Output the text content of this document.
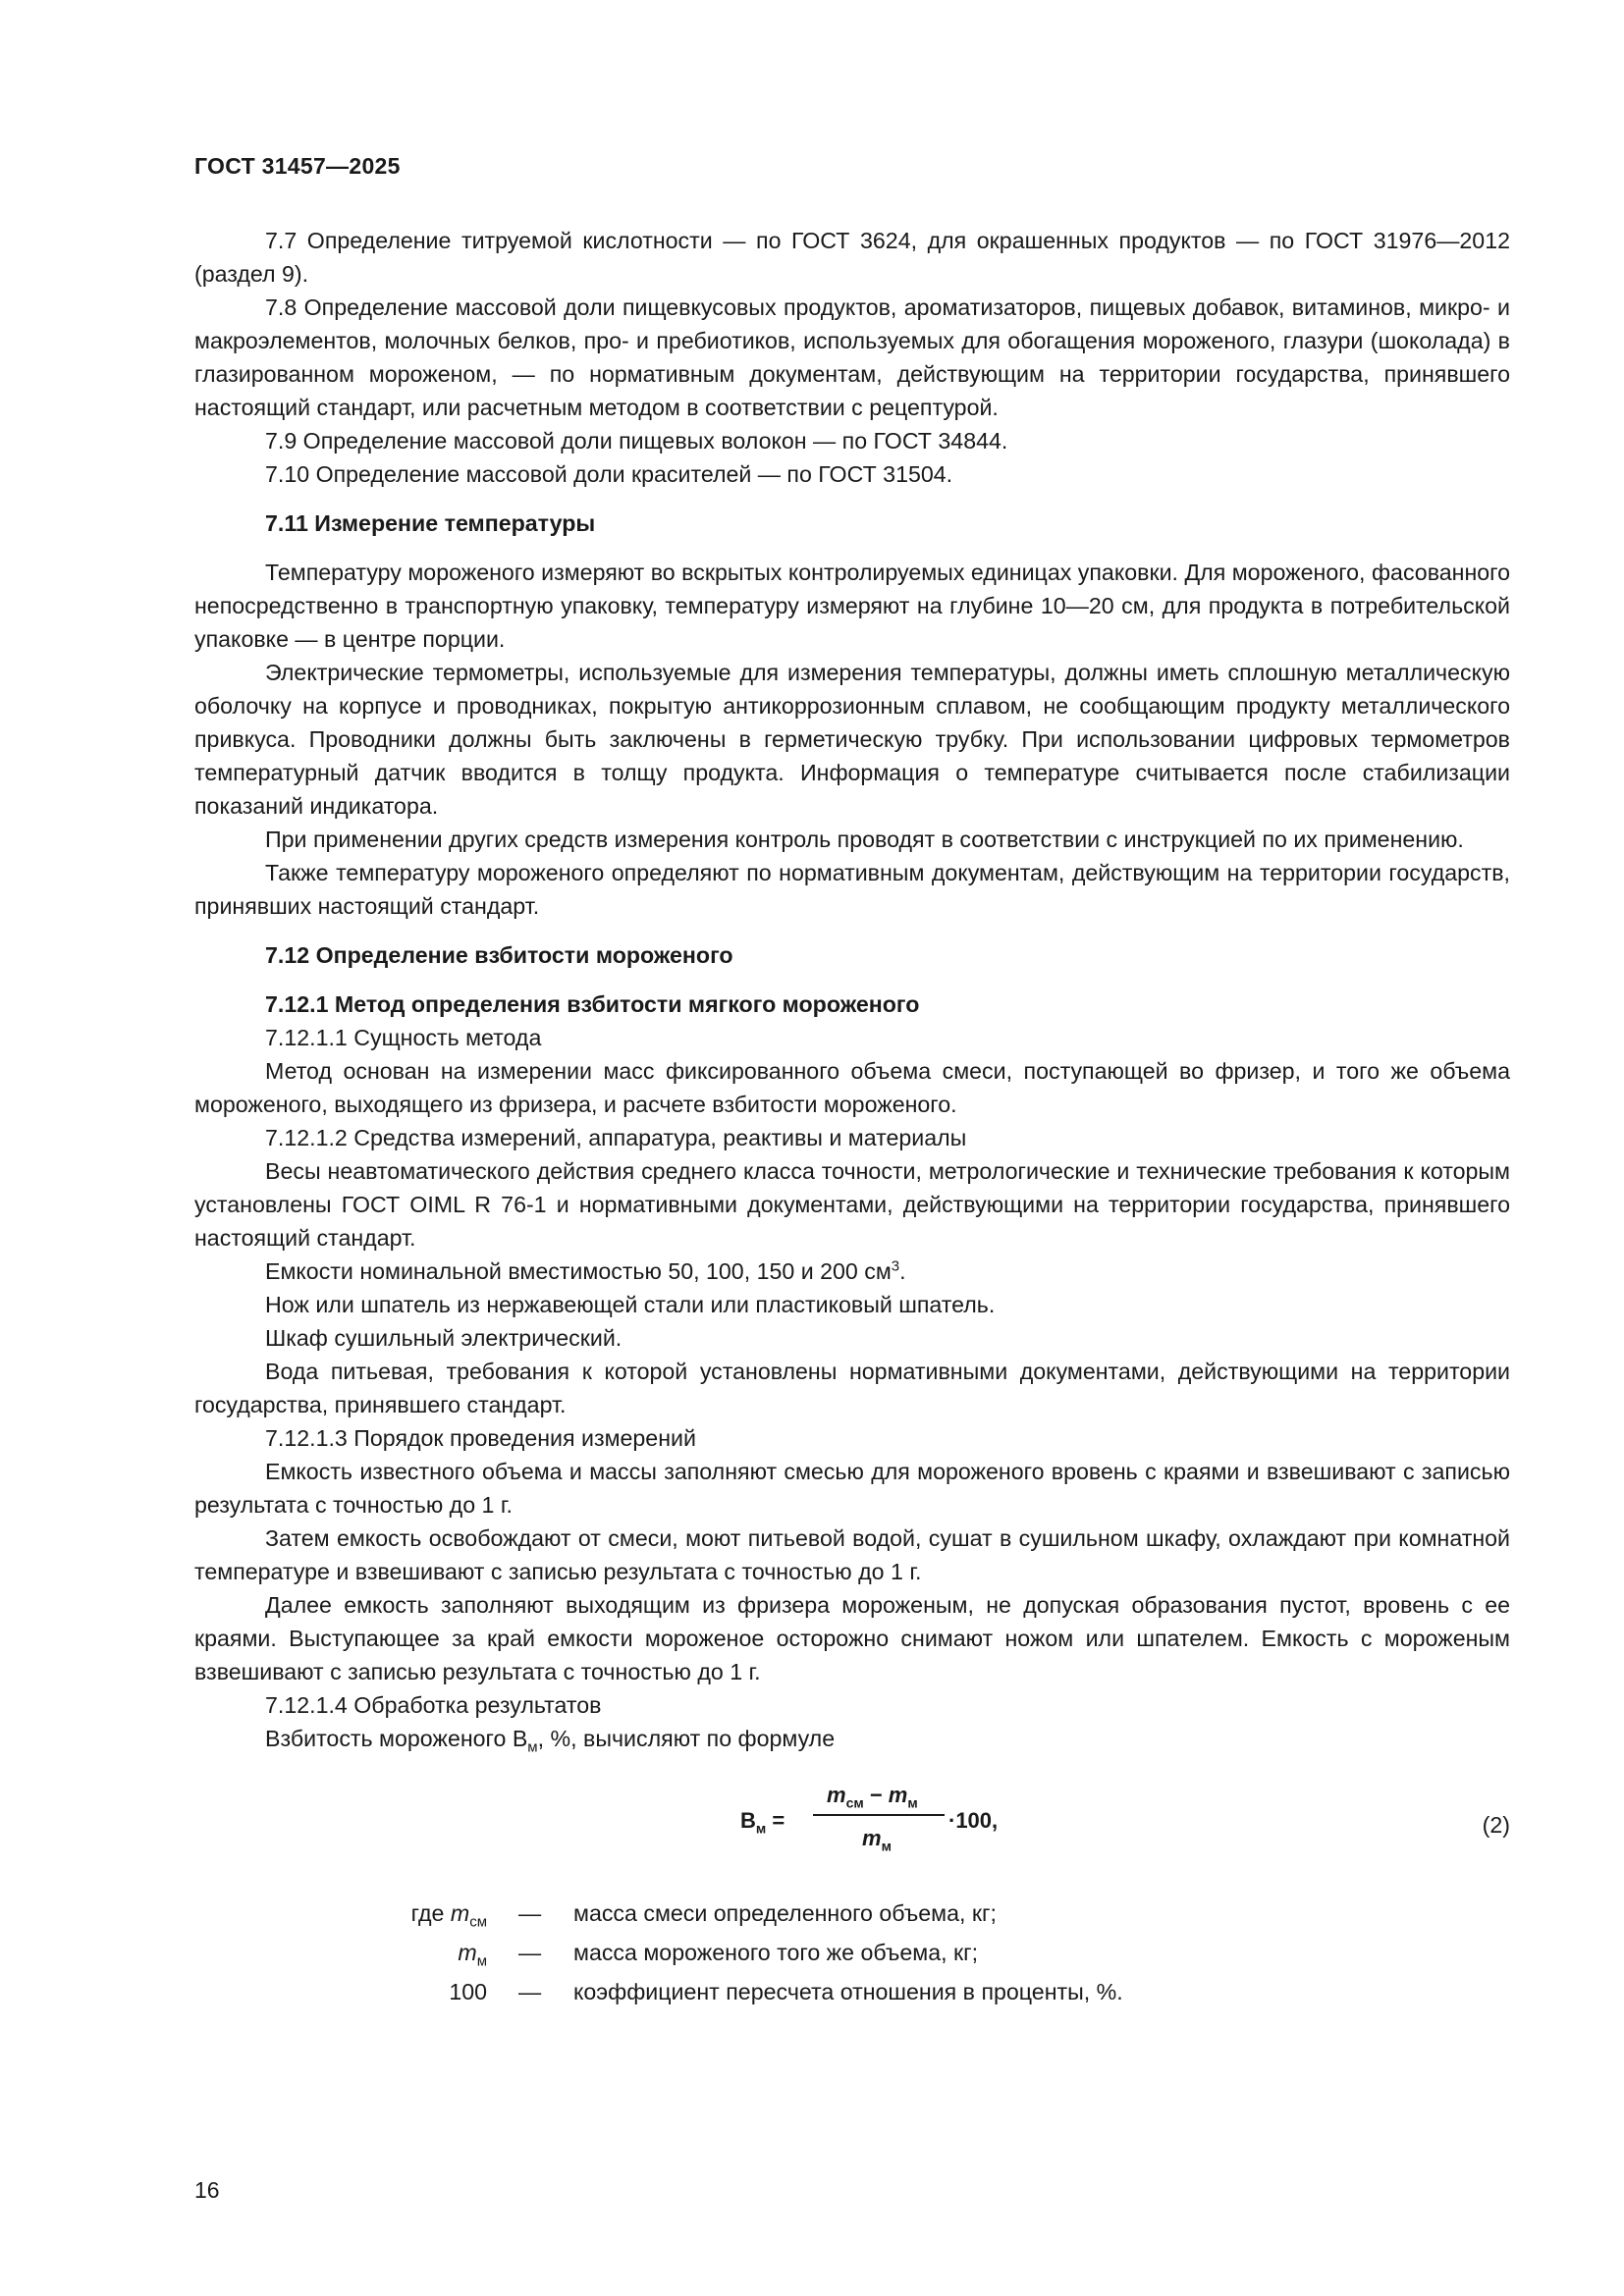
ГОСТ 31457—2025

7.7 Определение титруемой кислотности — по ГОСТ 3624, для окрашенных продуктов — по ГОСТ 31976—2012 (раздел 9).

7.8 Определение массовой доли пищевкусовых продуктов, ароматизаторов, пищевых добавок, витаминов, микро- и макроэлементов, молочных белков, про- и пребиотиков, используемых для обогащения мороженого, глазури (шоколада) в глазированном мороженом, — по нормативным документам, действующим на территории государства, принявшего настоящий стандарт, или расчетным методом в соответствии с рецептурой.

7.9 Определение массовой доли пищевых волокон — по ГОСТ 34844.

7.10 Определение массовой доли красителей — по ГОСТ 31504.

7.11 Измерение температуры

Температуру мороженого измеряют во вскрытых контролируемых единицах упаковки. Для мороженого, фасованного непосредственно в транспортную упаковку, температуру измеряют на глубине 10—20 см, для продукта в потребительской упаковке — в центре порции.

Электрические термометры, используемые для измерения температуры, должны иметь сплошную металлическую оболочку на корпусе и проводниках, покрытую антикоррозионным сплавом, не сообщающим продукту металлического привкуса. Проводники должны быть заключены в герметическую трубку. При использовании цифровых термометров температурный датчик вводится в толщу продукта. Информация о температуре считывается после стабилизации показаний индикатора.

При применении других средств измерения контроль проводят в соответствии с инструкцией по их применению.

Также температуру мороженого определяют по нормативным документам, действующим на территории государств, принявших настоящий стандарт.

7.12 Определение взбитости мороженого

7.12.1 Метод определения взбитости мягкого мороженого

7.12.1.1 Сущность метода

Метод основан на измерении масс фиксированного объема смеси, поступающей во фризер, и того же объема мороженого, выходящего из фризера, и расчете взбитости мороженого.

7.12.1.2 Средства измерений, аппаратура, реактивы и материалы

Весы неавтоматического действия среднего класса точности, метрологические и технические требования к которым установлены ГОСТ OIML R 76-1 и нормативными документами, действующими на территории государства, принявшего настоящий стандарт.

Емкости номинальной вместимостью 50, 100, 150 и 200 $см^3$.

Нож или шпатель из нержавеющей стали или пластиковый шпатель.

Шкаф сушильный электрический.

Вода питьевая, требования к которой установлены нормативными документами, действующими на территории государства, принявшего стандарт.

7.12.1.3 Порядок проведения измерений

Емкость известного объема и массы заполняют смесью для мороженого вровень с краями и взвешивают с записью результата с точностью до 1 г.

Затем емкость освобождают от смеси, моют питьевой водой, сушат в сушильном шкафу, охлаждают при комнатной температуре и взвешивают с записью результата с точностью до 1 г.

Далее емкость заполняют выходящим из фризера мороженым, не допуская образования пустот, вровень с ее краями. Выступающее за край емкости мороженое осторожно снимают ножом или шпателем. Емкость с мороженым взвешивают с записью результата с точностью до 1 г.

7.12.1.4 Обработка результатов

Взбитость мороженого $В_м$, %, вычисляют по формуле

$В_м$ =
$m_{см} - m_м$
$m_м$
·100,	(2)
где $m_{см}$ — масса смеси определенного объема, кг;
$m_м$ — масса мороженого того же объема, кг;
100 — коэффициент пересчета отношения в проценты, %.
16
